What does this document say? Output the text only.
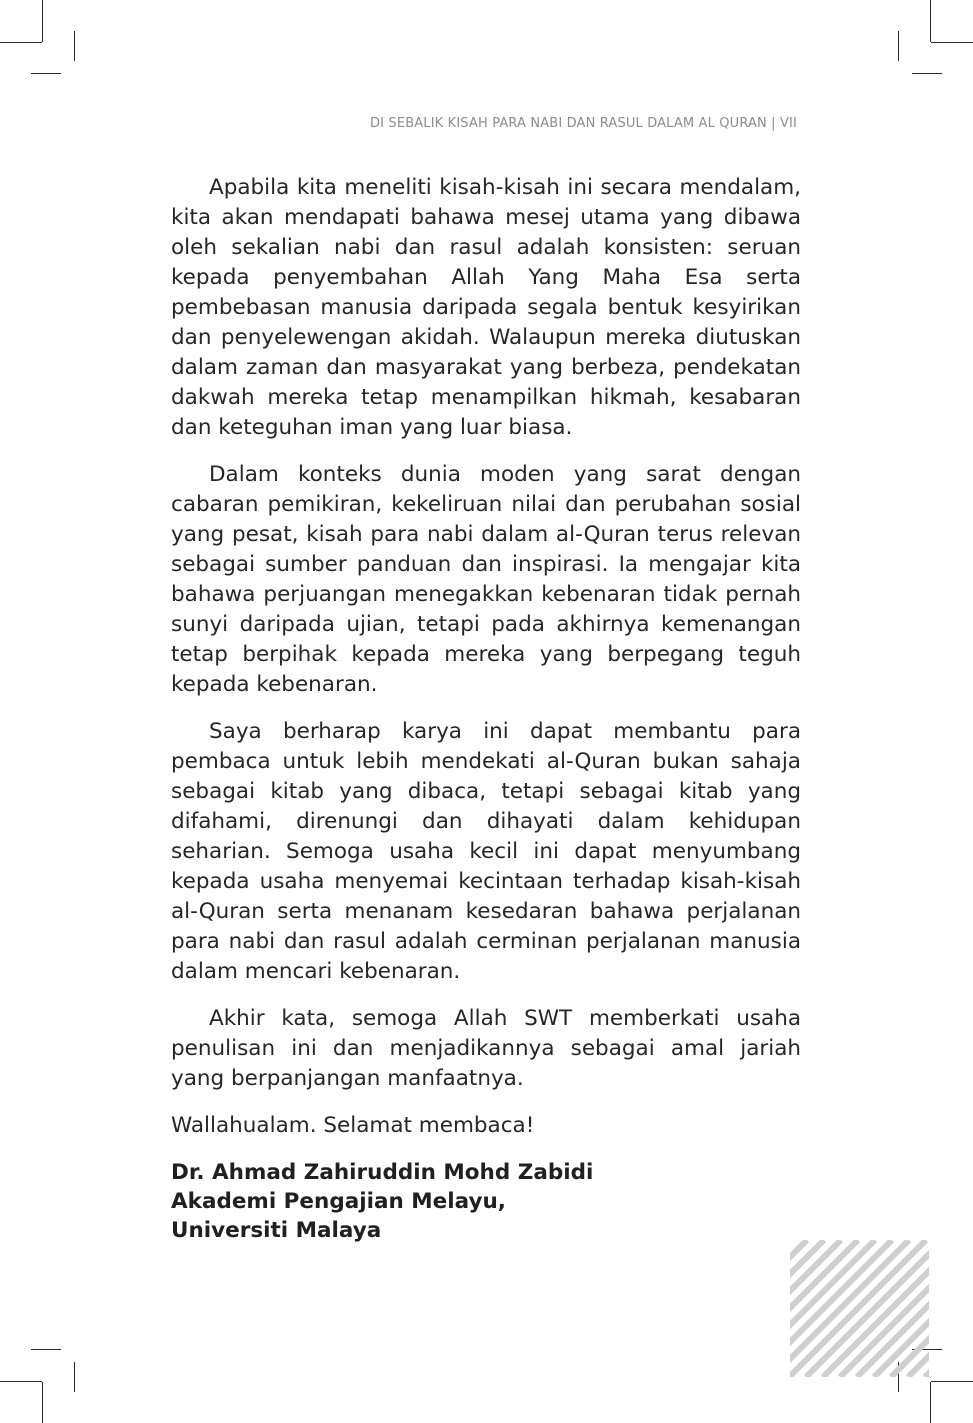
DI SEBALIK KISAH PARA NABI DAN RASUL DALAM AL QURAN | VII

Apabila kita meneliti kisah-kisah ini secara mendalam, kita akan mendapati bahawa mesej utama yang dibawa oleh sekalian nabi dan rasul adalah konsisten: seruan kepada penyembahan Allah Yang Maha Esa serta pembebasan manusia daripada segala bentuk kesyirikan dan penyelewengan akidah. Walaupun mereka diutuskan dalam zaman dan masyarakat yang berbeza, pendekatan dakwah mereka tetap menampilkan hikmah, kesabaran dan keteguhan iman yang luar biasa.

Dalam konteks dunia moden yang sarat dengan cabaran pemikiran, kekeliruan nilai dan perubahan sosial yang pesat, kisah para nabi dalam al-Quran terus relevan sebagai sumber panduan dan inspirasi. Ia mengajar kita bahawa perjuangan menegakkan kebenaran tidak pernah sunyi daripada ujian, tetapi pada akhirnya kemenangan tetap berpihak kepada mereka yang berpegang teguh kepada kebenaran.

Saya berharap karya ini dapat membantu para pembaca untuk lebih mendekati al-Quran bukan sahaja sebagai kitab yang dibaca, tetapi sebagai kitab yang difahami, direnungi dan dihayati dalam kehidupan seharian. Semoga usaha kecil ini dapat menyumbang kepada usaha menyemai kecintaan terhadap kisah-kisah al-Quran serta menanam kesedaran bahawa perjalanan para nabi dan rasul adalah cerminan perjalanan manusia dalam mencari kebenaran.

Akhir kata, semoga Allah SWT memberkati usaha penulisan ini dan menjadikannya sebagai amal jariah yang berpanjangan manfaatnya.

Wallahualam. Selamat membaca!

Dr. Ahmad Zahiruddin Mohd Zabidi
Akademi Pengajian Melayu,
Universiti Malaya
